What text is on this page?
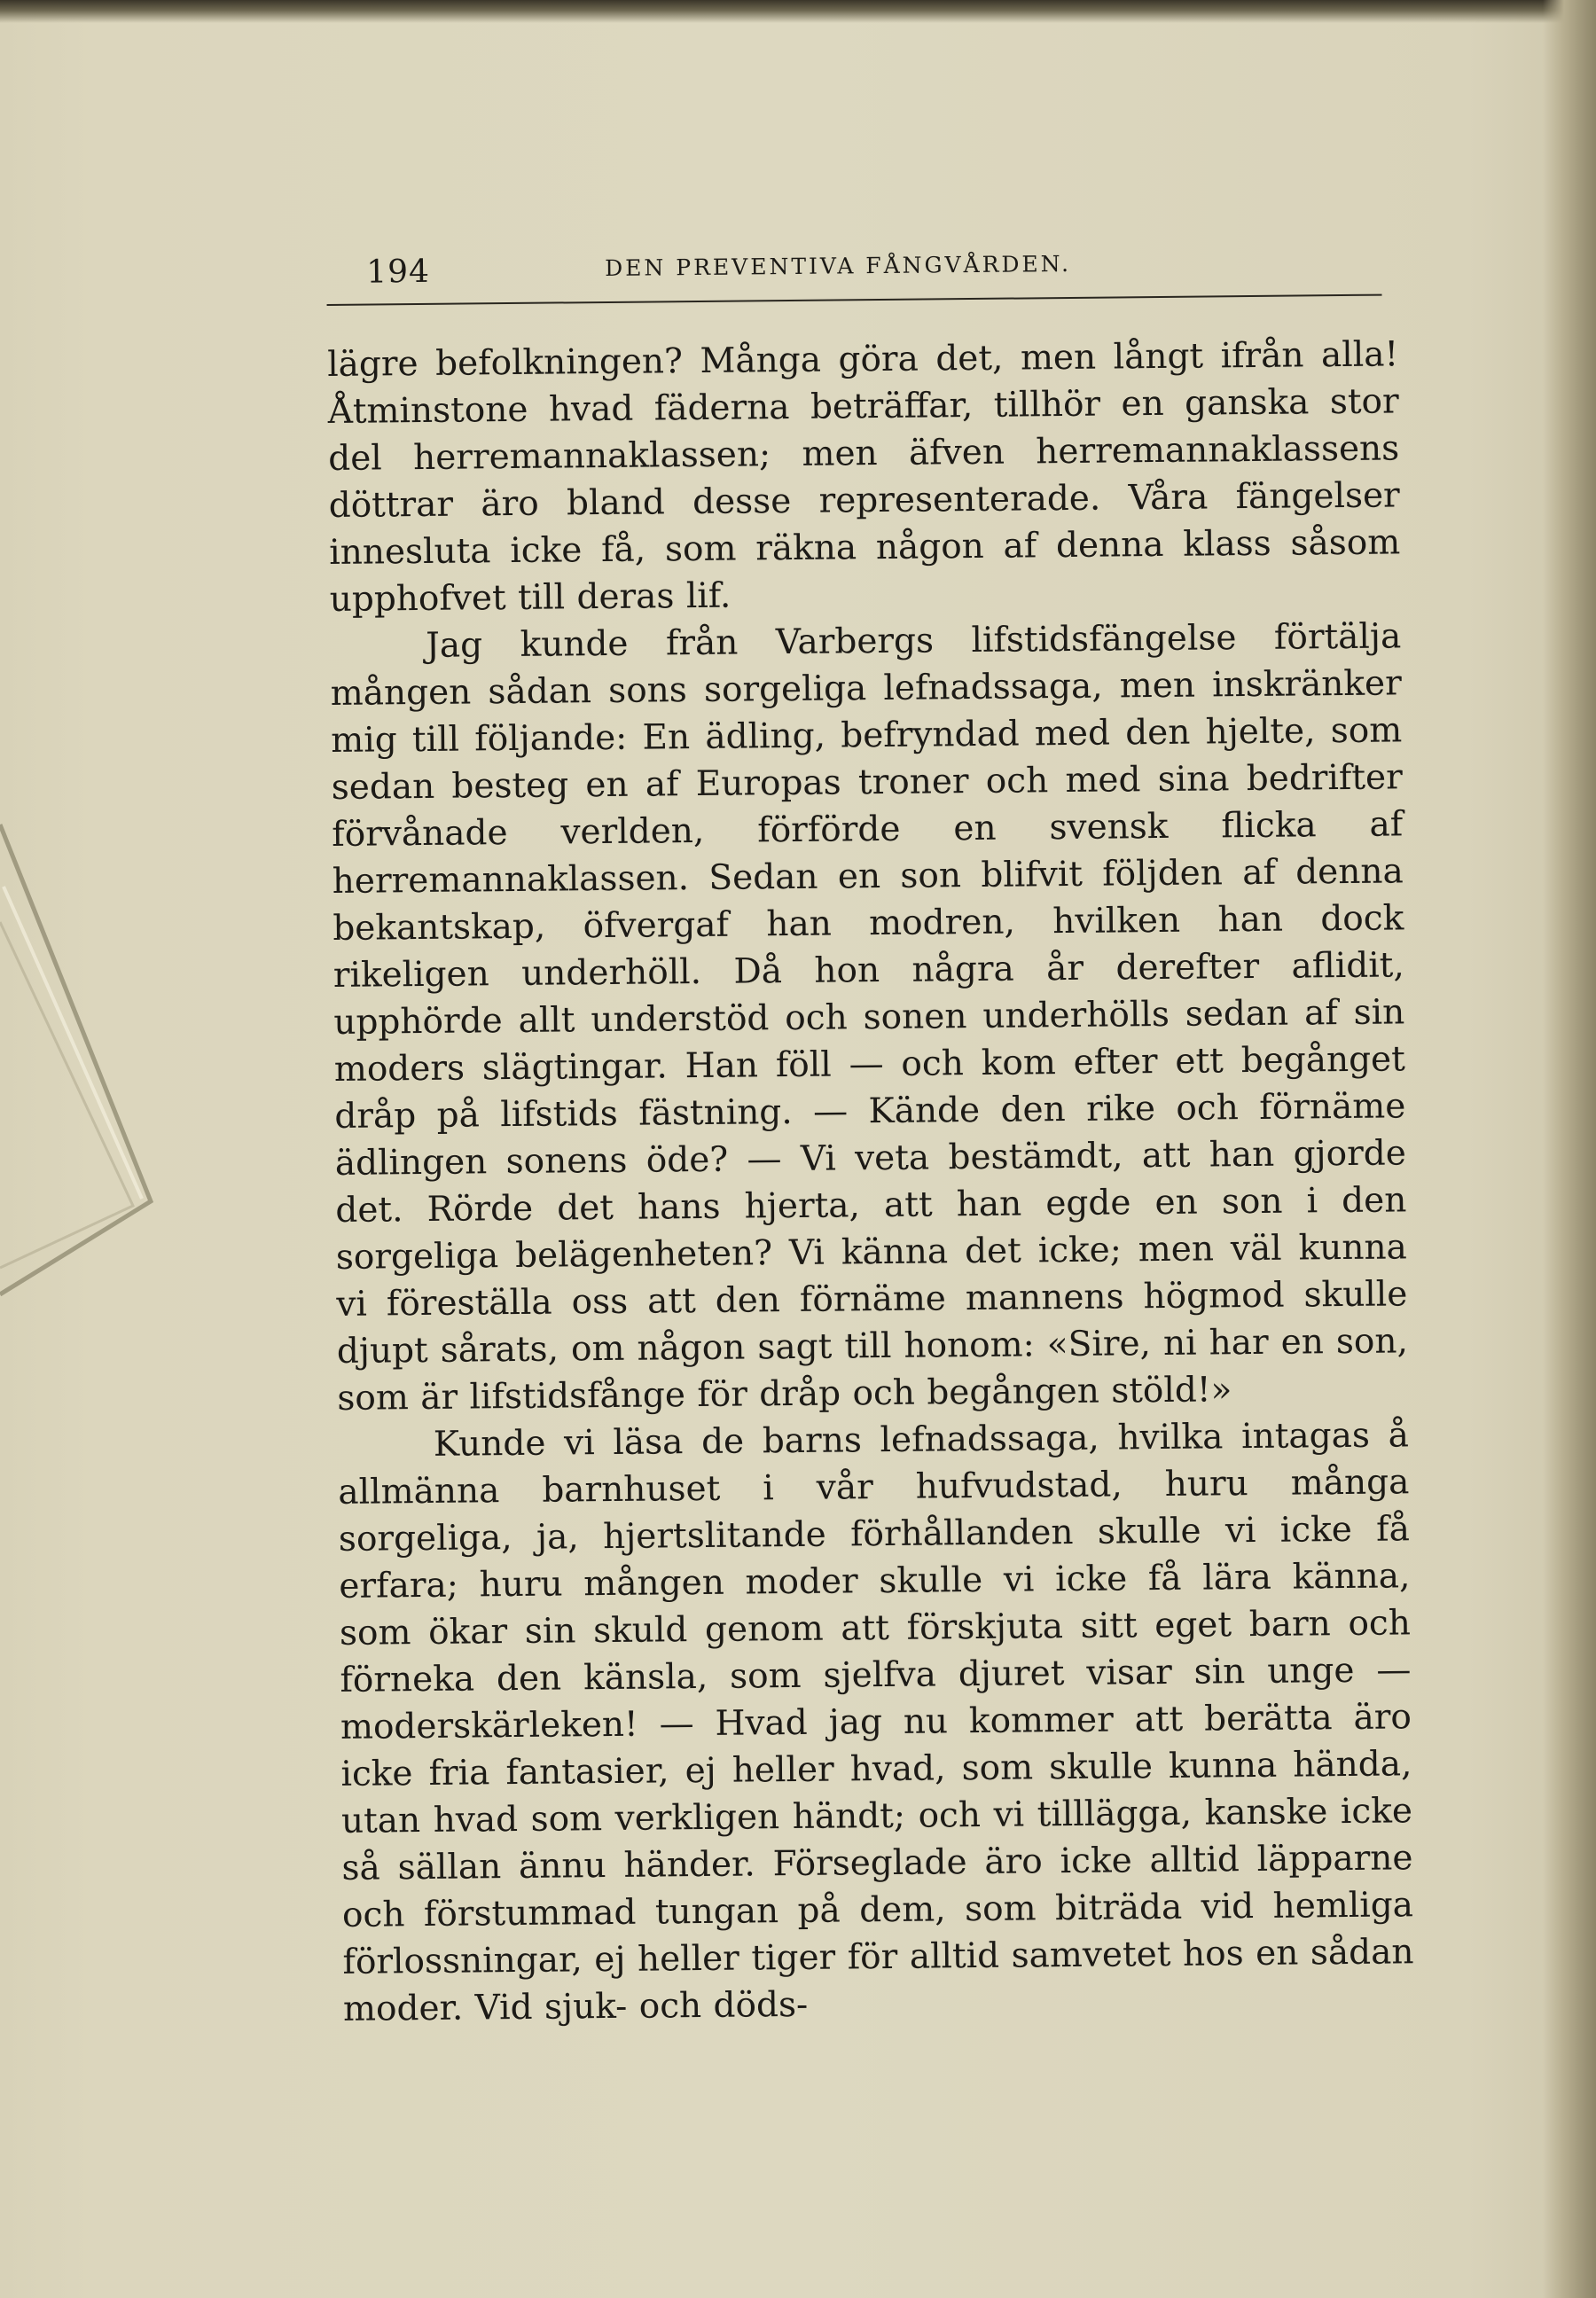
194	DEN PREVENTIVA FÅNGVÅRDEN.

lägre befolkningen? Många göra det, men långt ifrån alla! Åtminstone hvad fäderna beträffar, tillhör en ganska stor del herremannaklassen; men äfven herremannaklassens döttrar äro bland desse representerade. Våra fängelser innesluta icke få, som räkna någon af denna klass såsom upphofvet till deras lif.

Jag kunde från Varbergs lifstidsfängelse förtälja mången sådan sons sorgeliga lefnadssaga, men inskränker mig till följande: En ädling, befryndad med den hjelte, som sedan besteg en af Europas troner och med sina bedrifter förvånade verlden, förförde en svensk flicka af herremannaklassen. Sedan en son blifvit följden af denna bekantskap, öfvergaf han modren, hvilken han dock rikeligen underhöll. Då hon några år derefter aflidit, upphörde allt understöd och sonen underhölls sedan af sin moders slägtingar. Han föll — och kom efter ett begånget dråp på lifstids fästning. — Kände den rike och förnäme ädlingen sonens öde? — Vi veta bestämdt, att han gjorde det. Rörde det hans hjerta, att han egde en son i den sorgeliga belägenheten? Vi känna det icke; men väl kunna vi föreställa oss att den förnäme mannens högmod skulle djupt sårats, om någon sagt till honom: «Sire, ni har en son, som är lifstidsfånge för dråp och begången stöld!»

Kunde vi läsa de barns lefnadssaga, hvilka intagas å allmänna barnhuset i vår hufvudstad, huru många sorgeliga, ja, hjertslitande förhållanden skulle vi icke få erfara; huru mången moder skulle vi icke få lära känna, som ökar sin skuld genom att förskjuta sitt eget barn och förneka den känsla, som sjelfva djuret visar sin unge — moderskärleken! — Hvad jag nu kommer att berätta äro icke fria fantasier, ej heller hvad, som skulle kunna hända, utan hvad som verkligen händt; och vi tilllägga, kanske icke så sällan ännu händer. Förseglade äro icke alltid läpparne och förstummad tungan på dem, som biträda vid hemliga förlossningar, ej heller tiger för alltid samvetet hos en sådan moder. Vid sjuk- och döds-
